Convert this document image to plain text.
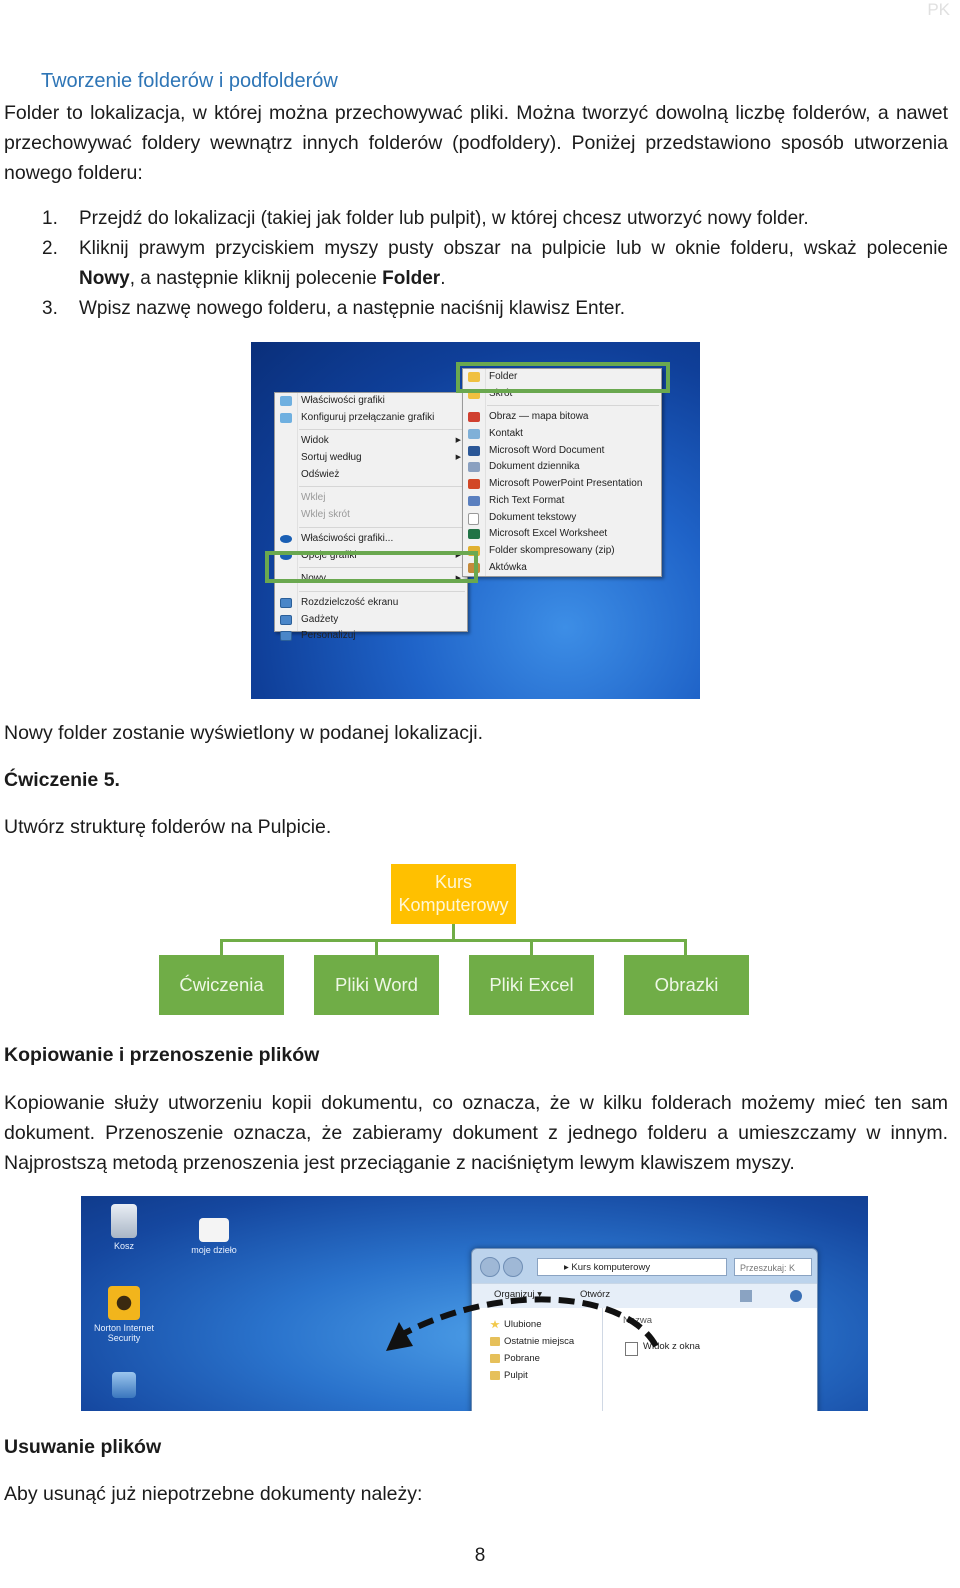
PK
Tworzenie folderów i podfolderów
Folder to lokalizacja, w której można przechowywać pliki. Można tworzyć dowolną liczbę folderów, a nawet przechowywać foldery wewnątrz innych folderów (podfoldery). Poniżej przedstawiono sposób utworzenia nowego folderu:
1.	Przejdź do lokalizacji (takiej jak folder lub pulpit), w której chcesz utworzyć nowy folder.
2.	Kliknij prawym przyciskiem myszy pusty obszar na pulpicie lub w oknie folderu, wskaż polecenie Nowy, a następnie kliknij polecenie Folder.
3.	Wpisz nazwę nowego folderu, a następnie naciśnij klawisz Enter.
Właściwości grafiki
Konfiguruj przełączanie grafiki
Widok	▶
Sortuj według	▶
Odśwież
Wklej
Wklej skrót
Właściwości grafiki...
Opcje grafiki	▶
Nowy	▶
Rozdzielczość ekranu
Gadżety
Personalizuj
Folder
Skrót
Obraz — mapa bitowa
Kontakt
Microsoft Word Document
Dokument dziennika
Microsoft PowerPoint Presentation
Rich Text Format
Dokument tekstowy
Microsoft Excel Worksheet
Folder skompresowany (zip)
Aktówka
Nowy folder zostanie wyświetlony w podanej lokalizacji.
Ćwiczenie 5.
Utwórz strukturę folderów na Pulpicie.
Kurs
Komputerowy
Ćwiczenia	Pliki Word	Pliki Excel	Obrazki
Kopiowanie i przenoszenie plików
Kopiowanie służy utworzeniu kopii dokumentu, co oznacza, że w kilku folderach możemy mieć ten sam dokument. Przenoszenie oznacza, że zabieramy dokument z jednego folderu a umieszczamy w innym. Najprostszą metodą przenoszenia jest przeciąganie z naciśniętym lewym klawiszem myszy.
Kosz	moje dzieło
Norton Internet Security
▸ Kurs komputerowy	Przeszukaj: K
Organizuj ▾	Otwórz
Ulubione
Ostatnie miejsca
Pobrane
Pulpit
Nazwa
Widok z okna
Usuwanie plików
Aby usunąć już niepotrzebne dokumenty należy:
8
